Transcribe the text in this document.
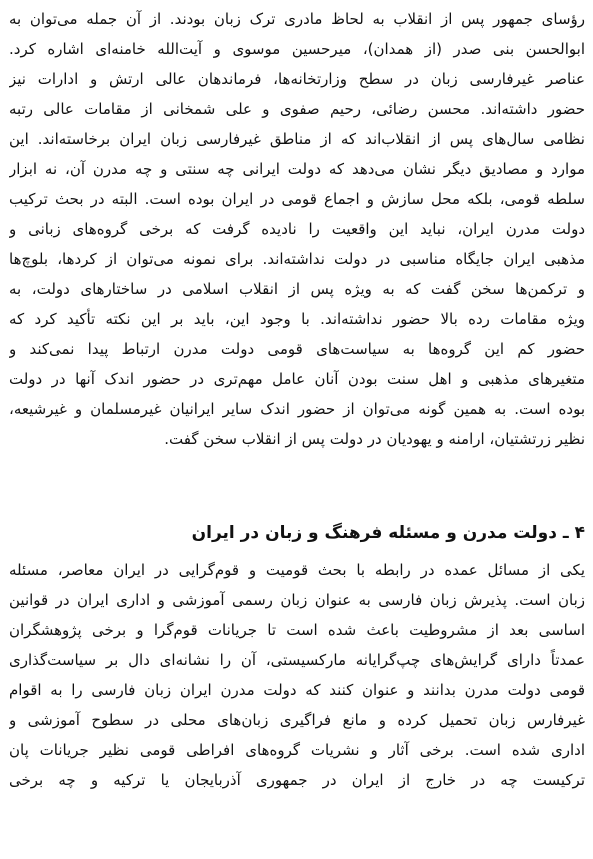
رؤسای جمهور پس از انقلاب به لحاظ مادری ترک زبان بودند. از آن جمله می‌توان به
ابوالحسن بنی صدر (از همدان)، میرحسین موسوی و آیت‌الله خامنه‌ای اشاره کرد.
عناصر غیرفارسی زبان در سطح وزارتخانه‌ها، فرماندهان عالی ارتش و ادارات نیز
حضور داشته‌اند. محسن رضائی، رحیم صفوی و علی شمخانی از مقامات عالی رتبه
نظامی سال‌های پس از انقلاب‌اند که از مناطق غیرفارسی زبان ایران برخاسته‌اند. این
موارد و مصادیق دیگر نشان می‌دهد که دولت ایرانی چه سنتی و چه مدرن آن، نه ابزار
سلطه قومی، بلکه محل سازش و اجماع قومی در ایران بوده است. البته در بحث ترکیب
دولت مدرن ایران، نباید این واقعیت را نادیده گرفت که برخی گروه‌های زبانی و
مذهبی ایران جایگاه مناسبی در دولت نداشته‌اند. برای نمونه می‌توان از کردها، بلوچ‌ها
و ترکمن‌ها سخن گفت که به ویژه پس از انقلاب اسلامی در ساختارهای دولت، به
ویژه مقامات رده بالا حضور نداشته‌اند. با وجود این، باید بر این نکته تأکید کرد که
حضور کم این گروه‌ها به سیاست‌های قومی دولت مدرن ارتباط پیدا نمی‌کند و
متغیرهای مذهبی و اهل سنت بودن آنان عامل مهم‌تری در حضور اندک آنها در دولت
بوده است. به همین گونه می‌توان از حضور اندک سایر ایرانیان غیرمسلمان و غیرشیعه،
نظیر زرتشتیان، ارامنه و یهودیان در دولت پس از انقلاب سخن گفت.
۴ ـ دولت مدرن و مسئله فرهنگ و زبان در ایران
یکی از مسائل عمده در رابطه با بحث قومیت و قوم‌گرایی در ایران معاصر، مسئله
زبان است. پذیرش زبان فارسی به عنوان زبان رسمی آموزشی و اداری ایران در قوانین
اساسی بعد از مشروطیت باعث شده است تا جریانات قوم‌گرا و برخی پژوهشگران
عمدتاً دارای گرایش‌های چپ‌گرایانه مارکسیستی، آن را نشانه‌ای دال بر سیاست‌گذاری
قومی دولت مدرن بدانند و عنوان کنند که دولت مدرن ایران زبان فارسی را به اقوام
غیرفارس زبان تحمیل کرده و مانع فراگیری زبان‌های محلی در سطوح آموزشی و
اداری شده است. برخی آثار و نشریات گروه‌های افراطی قومی نظیر جریانات پان
ترکیست چه در خارج از ایران در جمهوری آذربایجان یا ترکیه و چه برخی
